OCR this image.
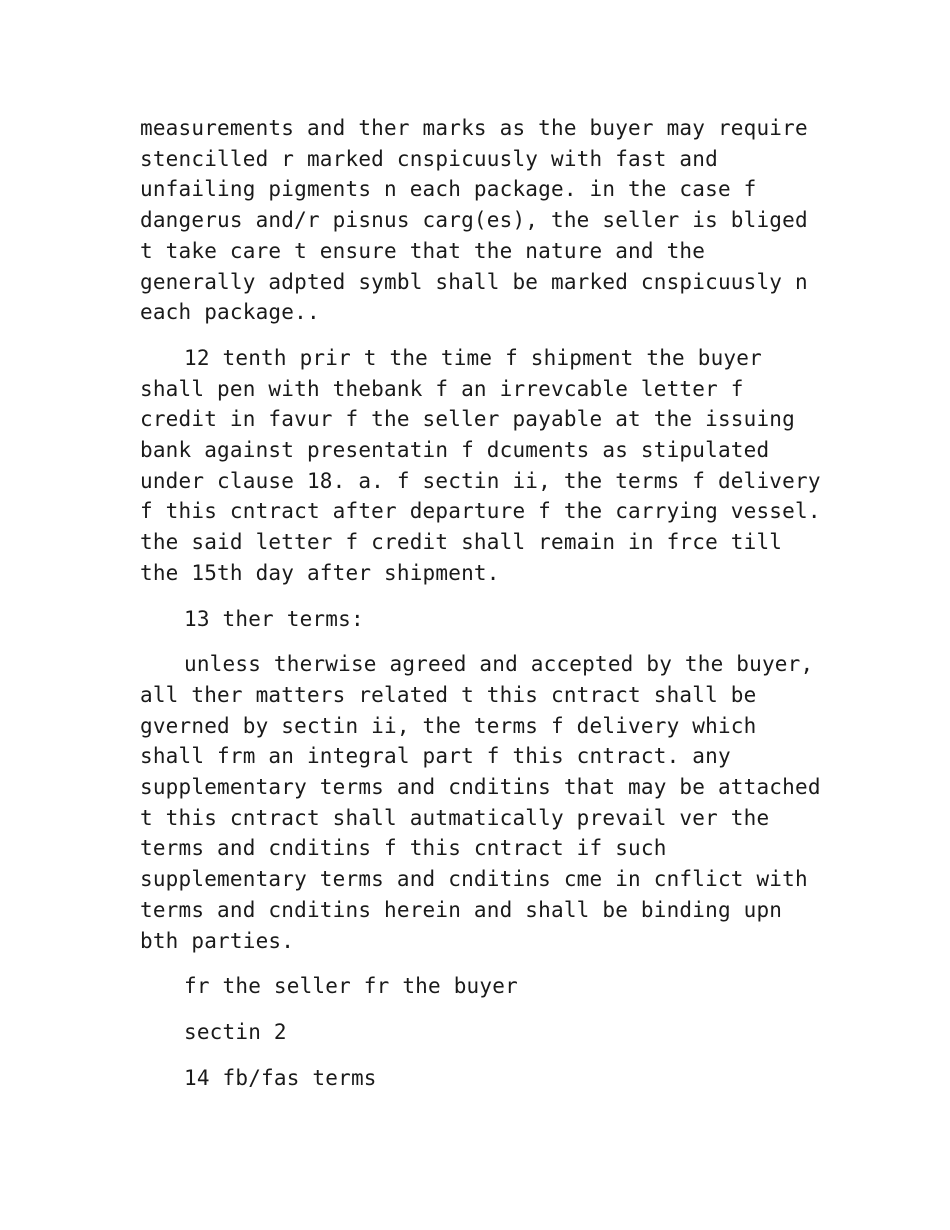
measurements and ther marks as the buyer may require stencilled r marked cnspicuusly with fast and unfailing pigments n each package. in the case f dangerus and/r pisnus carg(es), the seller is bliged t take care t ensure that the nature and the generally adpted symbl shall be marked cnspicuusly n each package..

12 tenth prir t the time f shipment the buyer shall pen with thebank f an irrevcable letter f credit in favur f the seller payable at the issuing bank against presentatin f dcuments as stipulated under clause 18. a. f sectin ii, the terms f delivery f this cntract after departure f the carrying vessel. the said letter f credit shall remain in frce till the 15th day after shipment.

13 ther terms:

unless therwise agreed and accepted by the buyer, all ther matters related t this cntract shall be gverned by sectin ii, the terms f delivery which shall frm an integral part f this cntract. any supplementary terms and cnditins that may be attached t this cntract shall autmatically prevail ver the terms and cnditins f this cntract if such supplementary terms and cnditins cme in cnflict with terms and cnditins herein and shall be binding upn bth parties.

fr the seller fr the buyer

sectin 2

14 fb/fas terms
